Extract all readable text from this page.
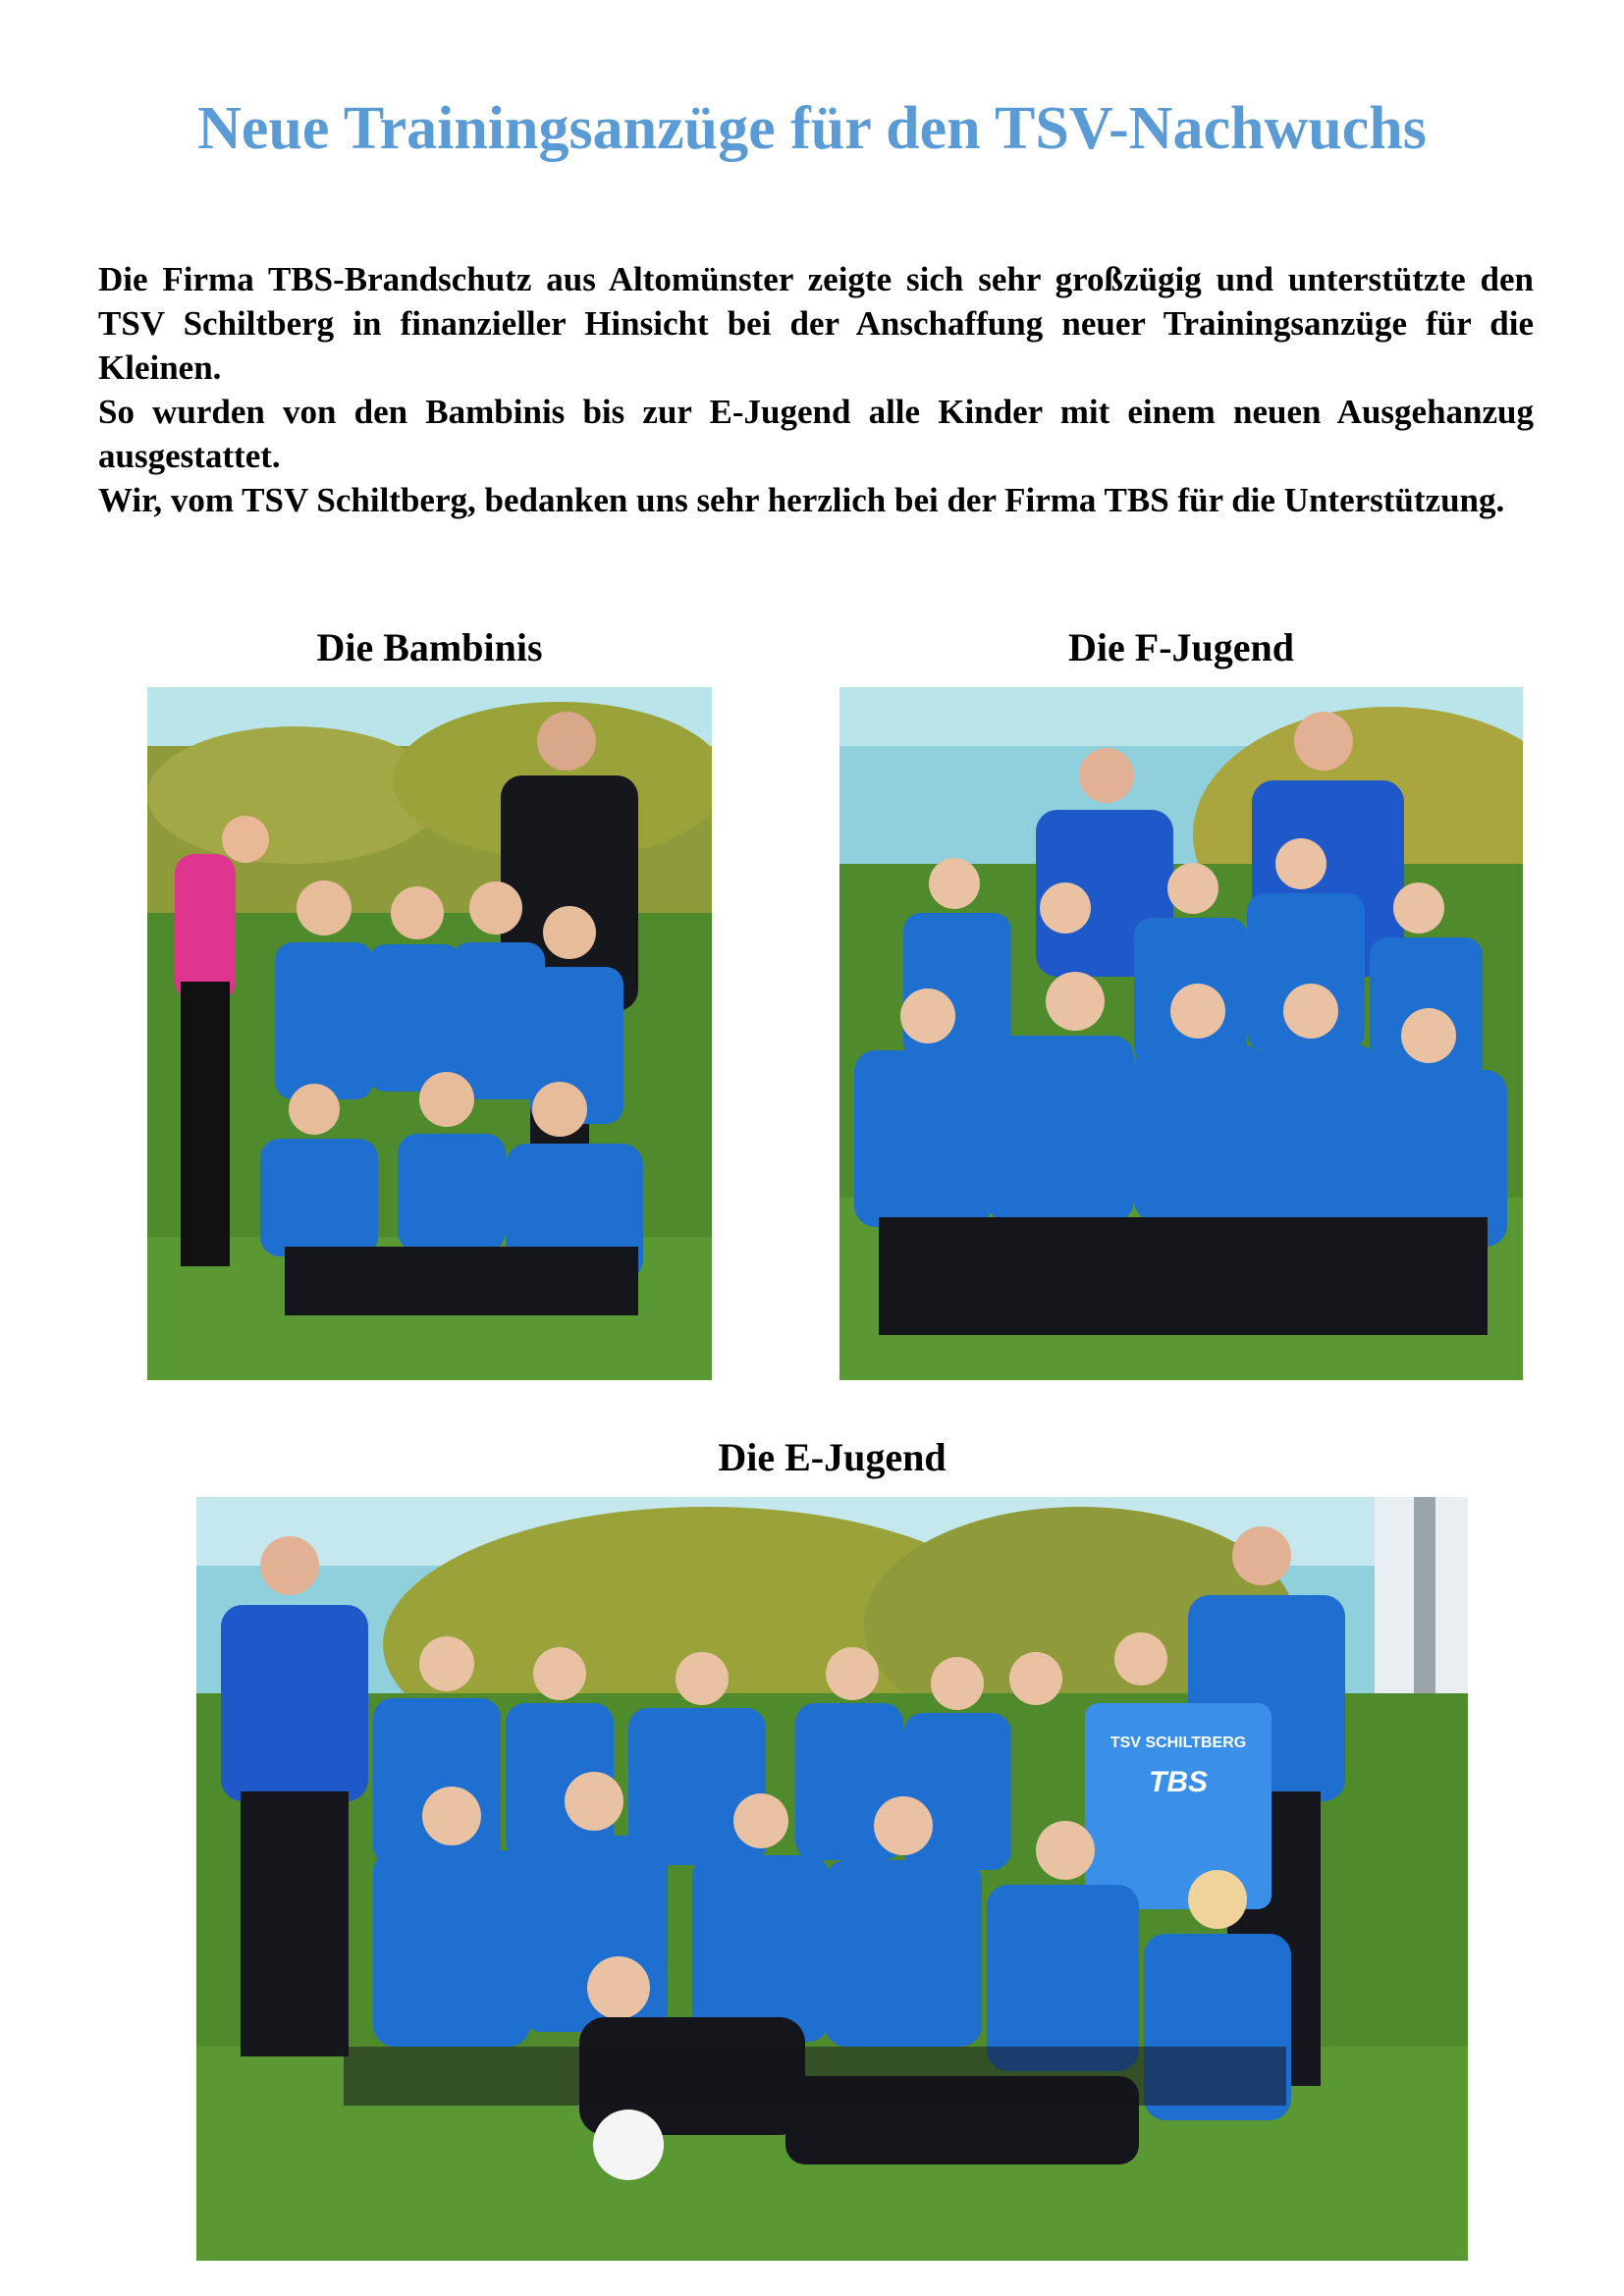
Neue Trainingsanzüge für den TSV-Nachwuchs

Die Firma TBS-Brandschutz aus Altomünster zeigte sich sehr großzügig und unterstützte den TSV Schiltberg in finanzieller Hinsicht bei der Anschaffung neuer Trainingsanzüge für die Kleinen.

So wurden von den Bambinis bis zur E-Jugend alle Kinder mit einem neuen Ausgehanzug ausgestattet.

Wir, vom TSV Schiltberg, bedanken uns sehr herzlich bei der Firma TBS für die Unterstützung.

Die Bambinis	Die F-Jugend
Die E-Jugend
TSV SCHILTBERG
TBS
